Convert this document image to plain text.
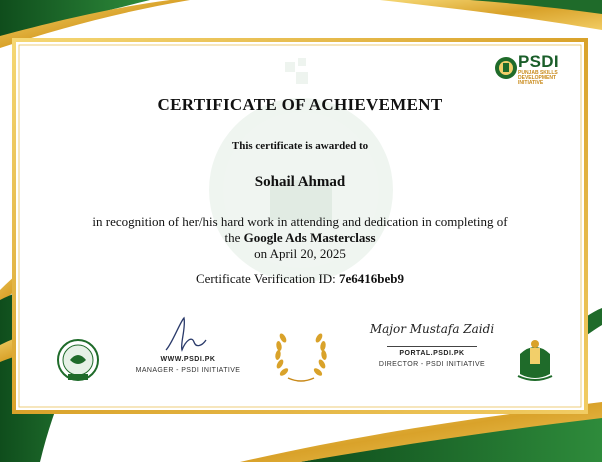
PSDI
PUNJAB SKILLS DEVELOPMENT INITIATIVE
CERTIFICATE OF ACHIEVEMENT
This certificate is awarded to
Sohail Ahmad
in recognition of her/his hard work in attending and dedication in completing of
the Google Ads Masterclass
on April 20, 2025
Certificate Verification ID: 7e6416beb9
WWW.PSDI.PK
MANAGER - PSDI INITIATIVE
Major Mustafa Zaidi
PORTAL.PSDI.PK
DIRECTOR - PSDI INITIATIVE
